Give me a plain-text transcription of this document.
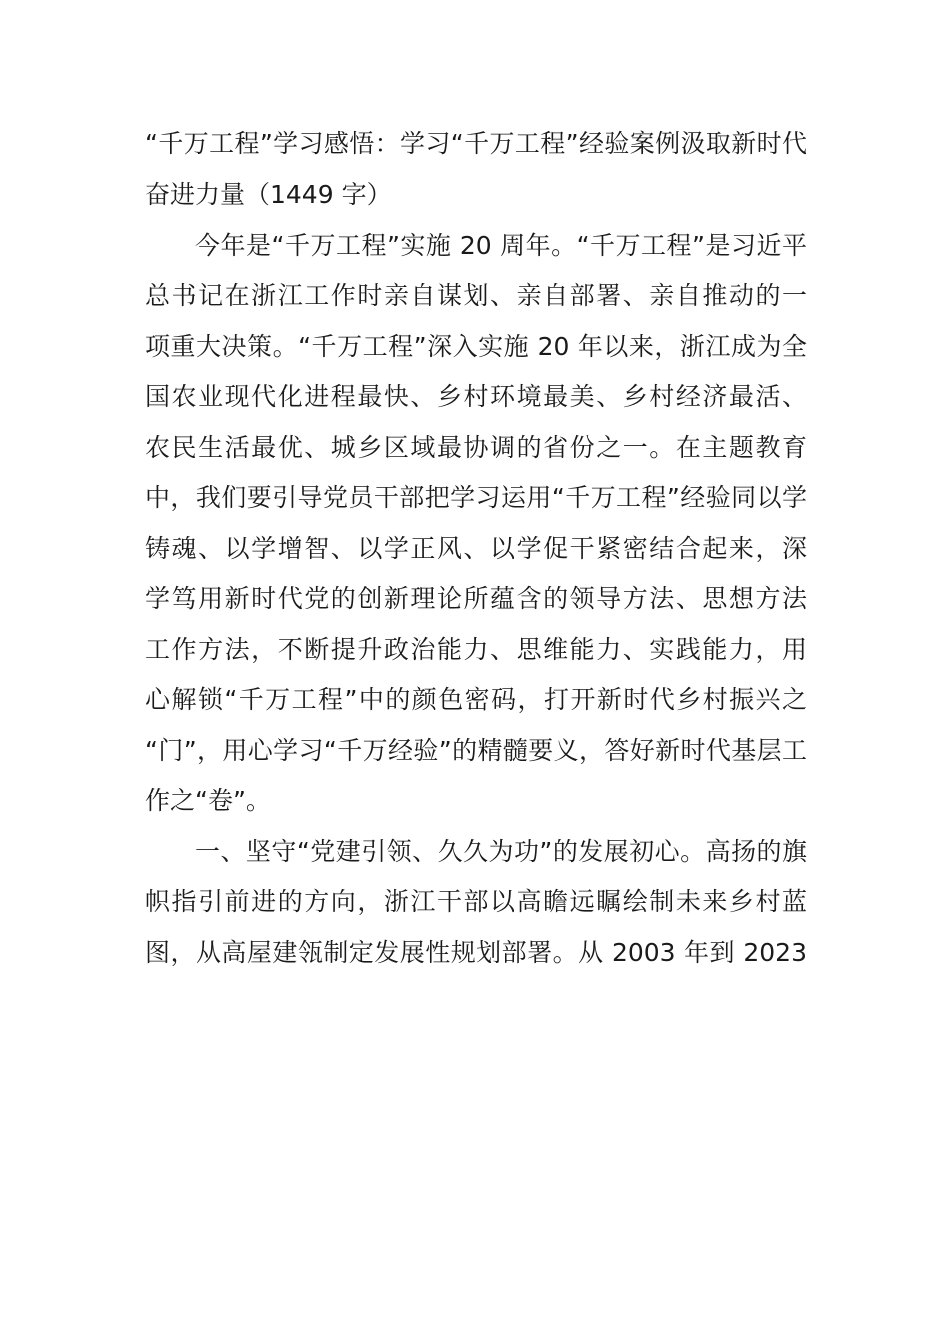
“千万工程”学习感悟：学习“千万工程”经验案例汲取新时代
奋进力量（1449 字）
今年是“千万工程”实施 20 周年。“千万工程”是习近平
总书记在浙江工作时亲自谋划、亲自部署、亲自推动的一
项重大决策。“千万工程”深入实施 20 年以来，浙江成为全
国农业现代化进程最快、乡村环境最美、乡村经济最活、
农民生活最优、城乡区域最协调的省份之一。在主题教育
中，我们要引导党员干部把学习运用“千万工程”经验同以学
铸魂、以学增智、以学正风、以学促干紧密结合起来，深
学笃用新时代党的创新理论所蕴含的领导方法、思想方法
工作方法，不断提升政治能力、思维能力、实践能力，用
心解锁“千万工程”中的颜色密码，打开新时代乡村振兴之
“门”，用心学习“千万经验”的精髓要义，答好新时代基层工
作之“卷”。
一、坚守“党建引领、久久为功”的发展初心。高扬的旗
帜指引前进的方向，浙江干部以高瞻远瞩绘制未来乡村蓝
图，从高屋建瓴制定发展性规划部署。从 2003 年到 2023
